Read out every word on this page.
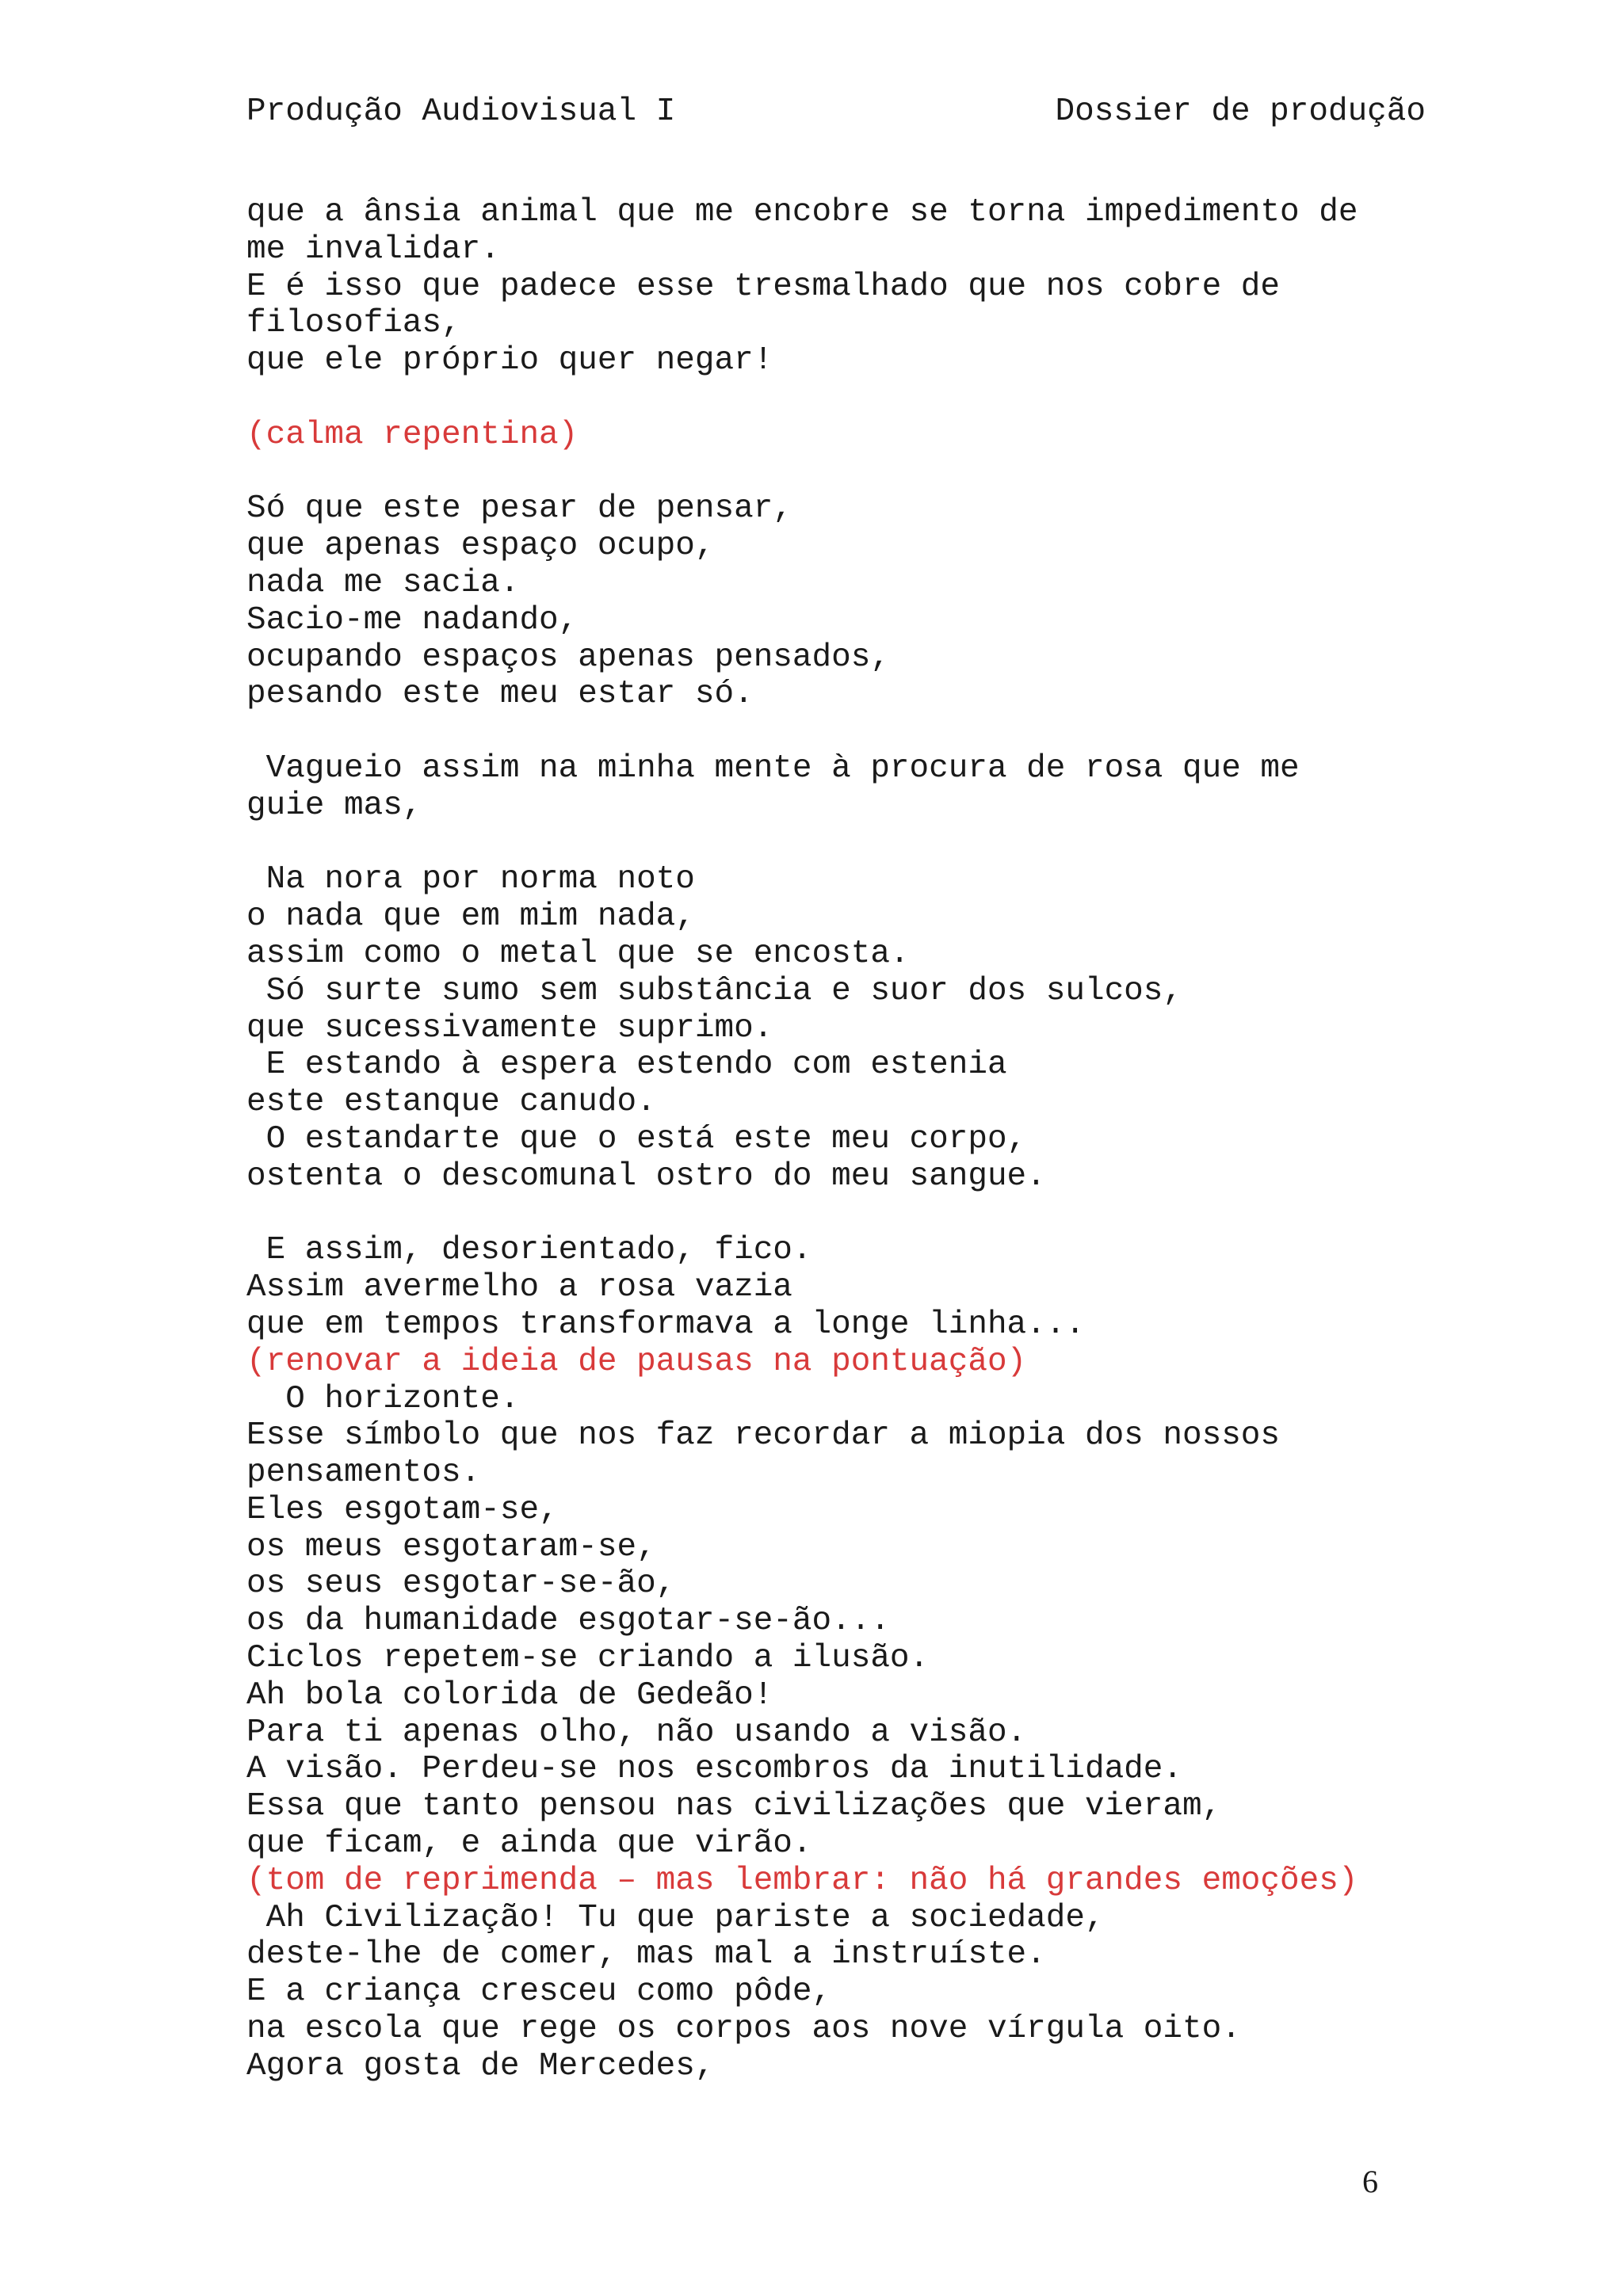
Produção Audiovisual I	Dossier de produção
que a ânsia animal que me encobre se torna impedimento de
me invalidar.
E é isso que padece esse tresmalhado que nos cobre de
filosofias,
que ele próprio quer negar!
(calma repentina)
Só que este pesar de pensar,
que apenas espaço ocupo,
nada me sacia.
Sacio-me nadando,
ocupando espaços apenas pensados,
pesando este meu estar só.
Vagueio assim na minha mente à procura de rosa que me
guie mas,
Na nora por norma noto
o nada que em mim nada,
assim como o metal que se encosta.
Só surte sumo sem substância e suor dos sulcos,
que sucessivamente suprimo.
E estando à espera estendo com estenia
este estanque canudo.
O estandarte que o está este meu corpo,
ostenta o descomunal ostro do meu sangue.
E assim, desorientado, fico.
Assim avermelho a rosa vazia
que em tempos transformava a longe linha...
(renovar a ideia de pausas na pontuação)
O horizonte.
Esse símbolo que nos faz recordar a miopia dos nossos
pensamentos.
Eles esgotam-se,
os meus esgotaram-se,
os seus esgotar-se-ão,
os da humanidade esgotar-se-ão...
Ciclos repetem-se criando a ilusão.
Ah bola colorida de Gedeão!
Para ti apenas olho, não usando a visão.
A visão. Perdeu-se nos escombros da inutilidade.
Essa que tanto pensou nas civilizações que vieram,
que ficam, e ainda que virão.
(tom de reprimenda – mas lembrar: não há grandes emoções)
Ah Civilização! Tu que pariste a sociedade,
deste-lhe de comer, mas mal a instruíste.
E a criança cresceu como pôde,
na escola que rege os corpos aos nove vírgula oito.
Agora gosta de Mercedes,
6
